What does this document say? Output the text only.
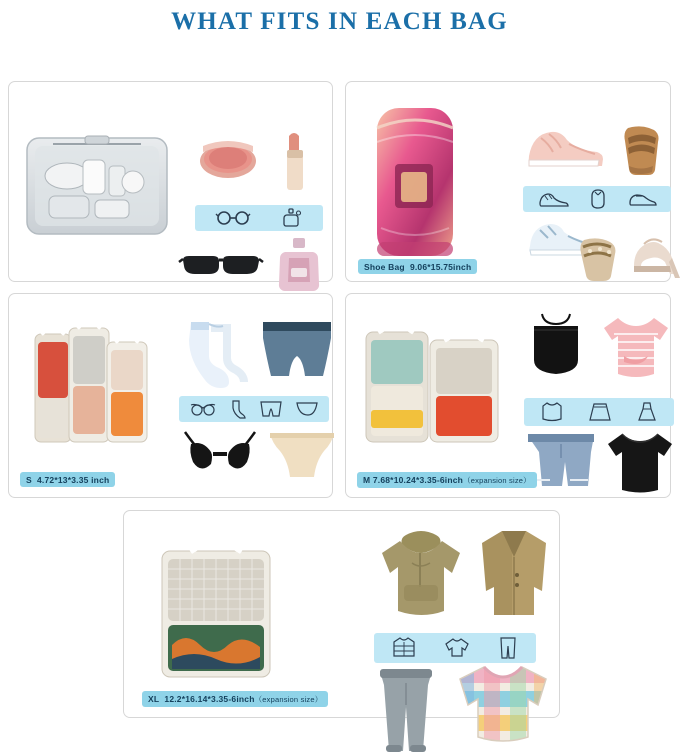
WHAT FITS IN EACH BAG
Shoe Bag 9.06*15.75inch
S 4.72*13*3.35 inch	M 7.68*10.24*3.35-6inch（expansion size）
XL 12.2*16.14*3.35-6inch（expansion size）
